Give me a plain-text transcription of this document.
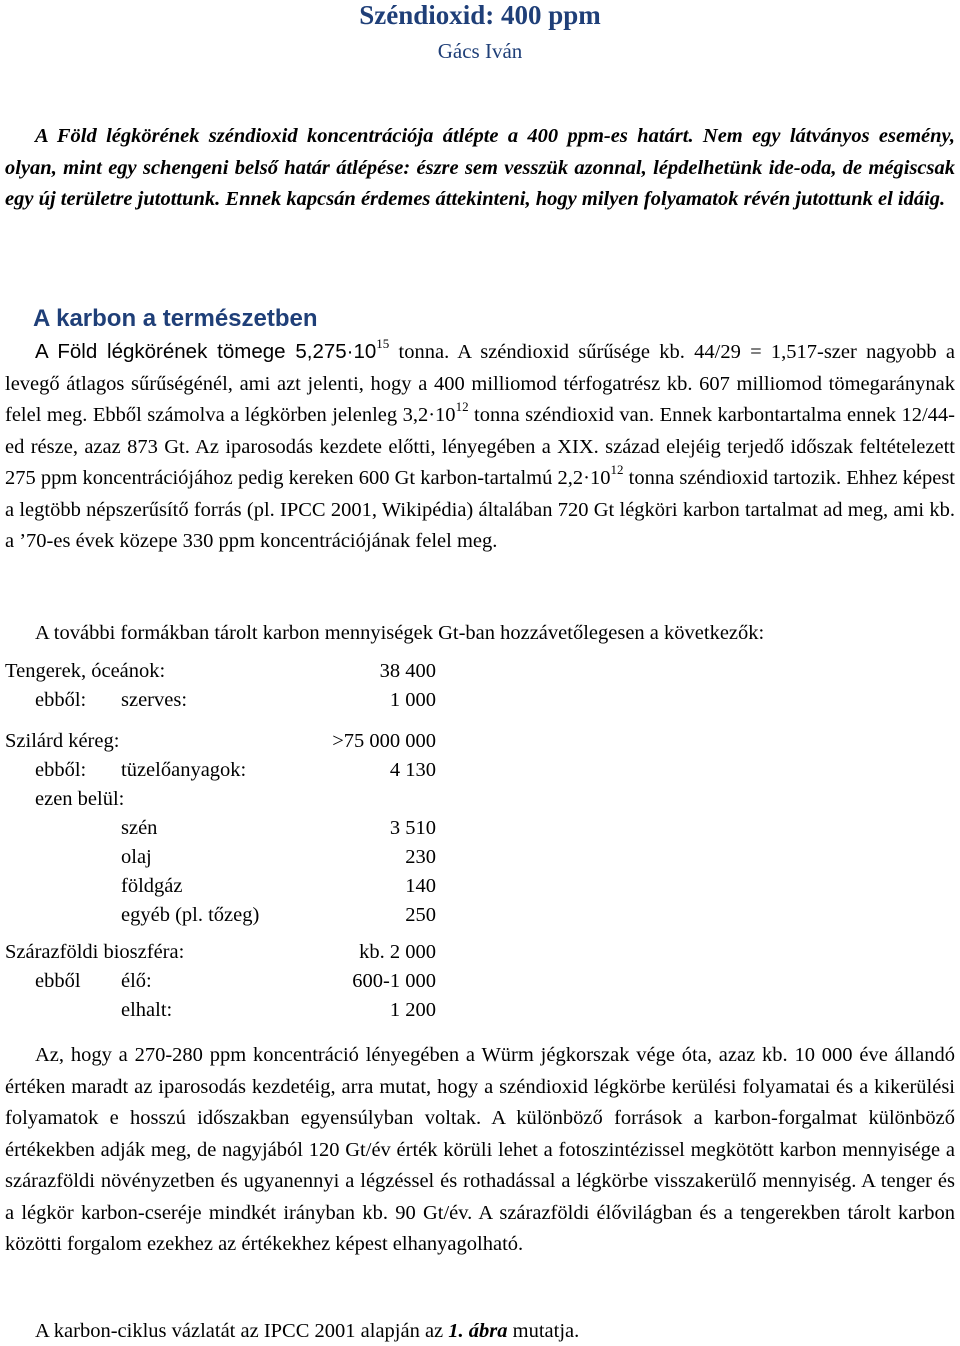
Széndioxid: 400 ppm
Gács Iván

A Föld légkörének széndioxid koncentrációja átlépte a 400 ppm-es határt. Nem egy látványos esemény, olyan, mint egy schengeni belső határ átlépése: észre sem vesszük azonnal, lépdelhetünk ide-oda, de mégiscsak egy új területre jutottunk. Ennek kapcsán érdemes áttekinteni, hogy milyen folyamatok révén jutottunk el idáig.

A karbon a természetben

A Föld légkörének tömege $5,275\cdot 10^{15}$ tonna. A széndioxid sűrűsége kb. 44/29 = 1,517-szer nagyobb a levegő átlagos sűrűségénél, ami azt jelenti, hogy a 400 milliomod térfogatrész kb. 607 milliomod tömegaránynak felel meg. Ebből számolva a légkörben jelenleg $3,2\cdot 10^{12}$ tonna széndioxid van. Ennek karbontartalma ennek 12/44-ed része, azaz 873 Gt. Az iparosodás kezdete előtti, lényegében a XIX. század elejéig terjedő időszak feltételezett 275 ppm koncentrációjához pedig kereken 600 Gt karbon-tartalmú $2,2\cdot 10^{12}$ tonna széndioxid tartozik. Ehhez képest a legtöbb népszerűsítő forrás (pl. IPCC 2001, Wikipédia) általában 720 Gt légköri karbon tartalmat ad meg, ami kb. a ’70-es évek közepe 330 ppm koncentrációjának felel meg.

A további formákban tárolt karbon mennyiségek Gt-ban hozzávetőlegesen a következők:

Tengerek, óceánok:	38 400
ebből: szerves:	1 000
Szilárd kéreg:	>75 000 000
ebből: tüzelőanyagok:	4 130
ezen belül:
szén	3 510
olaj	230
földgáz	140
egyéb (pl. tőzeg)	250
Szárazföldi bioszféra:	kb. 2 000
ebből élő:	600-1 000
elhalt:	1 200

Az, hogy a 270-280 ppm koncentráció lényegében a Würm jégkorszak vége óta, azaz kb. 10 000 éve állandó értéken maradt az iparosodás kezdetéig, arra mutat, hogy a széndioxid légkörbe kerülési folyamatai és a kikerülési folyamatok e hosszú időszakban egyensúlyban voltak. A különböző források a karbon-forgalmat különböző értékekben adják meg, de nagyjából 120 Gt/év érték körüli lehet a fotoszintézissel megkötött karbon mennyisége a szárazföldi növényzetben és ugyanennyi a légzéssel és rothadással a légkörbe visszakerülő mennyiség. A tenger és a légkör karbon-cseréje mindkét irányban kb. 90 Gt/év. A szárazföldi élővilágban és a tengerekben tárolt karbon közötti forgalom ezekhez az értékekhez képest elhanyagolható.

A karbon-ciklus vázlatát az IPCC 2001 alapján az 1. ábra mutatja.
